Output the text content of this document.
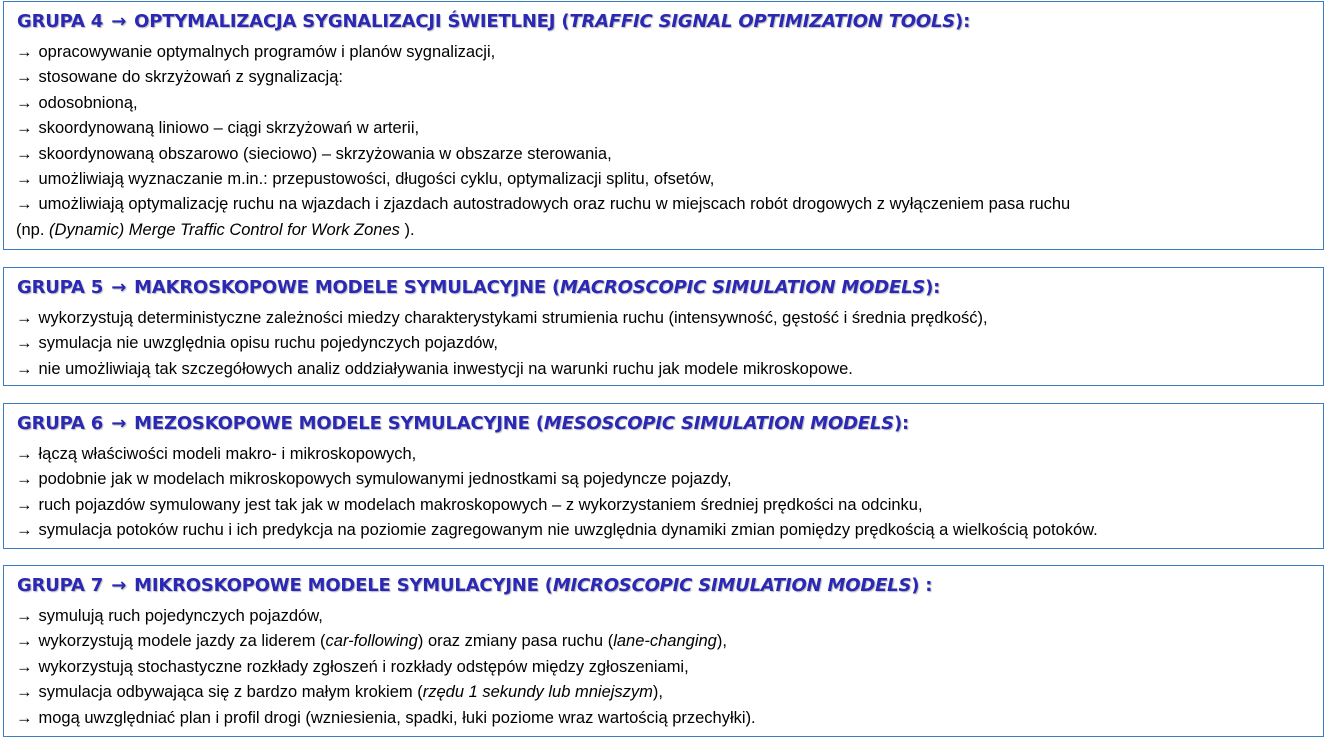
GRUPA 4 → OPTYMALIZACJA SYGNALIZACJI ŚWIETLNEJ (TRAFFIC SIGNAL OPTIMIZATION TOOLS):
→ opracowywanie optymalnych programów i planów sygnalizacji,
→ stosowane do skrzyżowań z sygnalizacją:
→ odosobnioną,
→ skoordynowaną liniowo – ciągi skrzyżowań w arterii,
→ skoordynowaną obszarowo (sieciowo) – skrzyżowania w obszarze sterowania,
→ umożliwiają wyznaczanie m.in.: przepustowości, długości cyklu, optymalizacji splitu, ofsetów,
→ umożliwiają optymalizację ruchu na wjazdach i zjazdach autostradowych oraz ruchu w miejscach robót drogowych z wyłączeniem pasa ruchu
(np. (Dynamic) Merge Traffic Control for Work Zones ).
GRUPA 5 → MAKROSKOPOWE MODELE SYMULACYJNE (MACROSCOPIC SIMULATION MODELS):
→ wykorzystują deterministyczne zależności miedzy charakterystykami strumienia ruchu (intensywność, gęstość i średnia prędkość),
→ symulacja nie uwzględnia opisu ruchu pojedynczych pojazdów,
→ nie umożliwiają tak szczegółowych analiz oddziaływania inwestycji na warunki ruchu jak modele mikroskopowe.
GRUPA 6 → MEZOSKOPOWE MODELE SYMULACYJNE (MESOSCOPIC SIMULATION MODELS):
→ łączą właściwości modeli makro- i mikroskopowych,
→ podobnie jak w modelach mikroskopowych symulowanymi jednostkami są pojedyncze pojazdy,
→ ruch pojazdów symulowany jest tak jak w modelach makroskopowych – z wykorzystaniem średniej prędkości na odcinku,
→ symulacja potoków ruchu i ich predykcja na poziomie zagregowanym nie uwzględnia dynamiki zmian pomiędzy prędkością a wielkością potoków.
GRUPA 7 → MIKROSKOPOWE MODELE SYMULACYJNE (MICROSCOPIC SIMULATION MODELS) :
→ symulują ruch pojedynczych pojazdów,
→ wykorzystują modele jazdy za liderem (car-following) oraz zmiany pasa ruchu (lane-changing),
→ wykorzystują stochastyczne rozkłady zgłoszeń i rozkłady odstępów między zgłoszeniami,
→ symulacja odbywająca się z bardzo małym krokiem (rzędu 1 sekundy lub mniejszym),
→ mogą uwzględniać plan i profil drogi (wzniesienia, spadki, łuki poziome wraz wartością przechyłki).
